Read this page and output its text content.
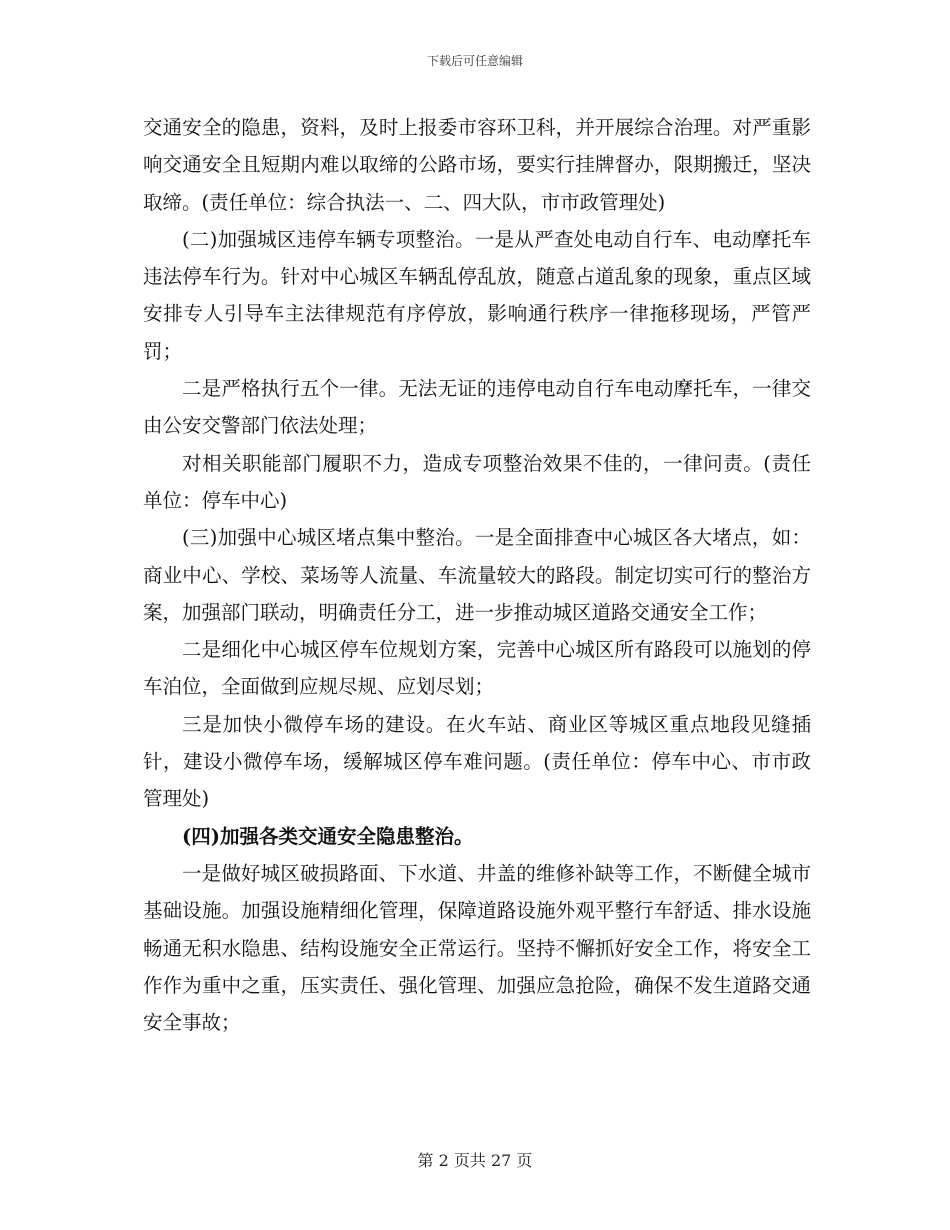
下载后可任意编辑

交通安全的隐患，资料，及时上报委市容环卫科，并开展综合治理。对严重影响交通安全且短期内难以取缔的公路市场，要实行挂牌督办，限期搬迁，坚决取缔。(责任单位：综合执法一、二、四大队，市市政管理处)

(二)加强城区违停车辆专项整治。一是从严查处电动自行车、电动摩托车违法停车行为。针对中心城区车辆乱停乱放，随意占道乱象的现象，重点区域安排专人引导车主法律规范有序停放，影响通行秩序一律拖移现场，严管严罚；

二是严格执行五个一律。无法无证的违停电动自行车电动摩托车，一律交由公安交警部门依法处理；

对相关职能部门履职不力，造成专项整治效果不佳的，一律问责。(责任单位：停车中心)

(三)加强中心城区堵点集中整治。一是全面排查中心城区各大堵点，如：商业中心、学校、菜场等人流量、车流量较大的路段。制定切实可行的整治方案，加强部门联动，明确责任分工，进一步推动城区道路交通安全工作；

二是细化中心城区停车位规划方案，完善中心城区所有路段可以施划的停车泊位，全面做到应规尽规、应划尽划；

三是加快小微停车场的建设。在火车站、商业区等城区重点地段见缝插针，建设小微停车场，缓解城区停车难问题。(责任单位：停车中心、市市政管理处)

(四)加强各类交通安全隐患整治。

一是做好城区破损路面、下水道、井盖的维修补缺等工作，不断健全城市基础设施。加强设施精细化管理，保障道路设施外观平整行车舒适、排水设施畅通无积水隐患、结构设施安全正常运行。坚持不懈抓好安全工作，将安全工作作为重中之重，压实责任、强化管理、加强应急抢险，确保不发生道路交通安全事故；

第 2 页共 27 页
